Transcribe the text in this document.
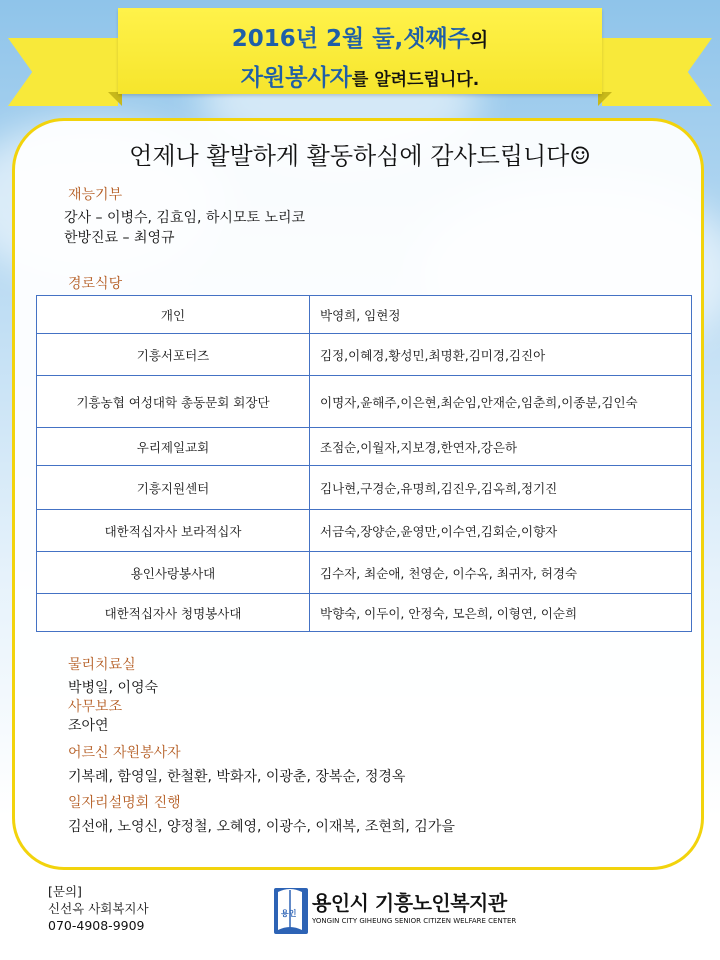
2016년 2월 둘,셋째주의
자원봉사자를 알려드립니다.
언제나 활발하게 활동하심에 감사드립니다☺
재능기부
강사 – 이병수, 김효임, 하시모토 노리코
한방진료 – 최영규
경로식당
개인	박영희, 임현정
기흥서포터즈	김정,이혜경,황성민,최명환,김미경,김진아
기흥농협 여성대학 총동문회 회장단	이명자,윤해주,이은현,최순임,안재순,임춘희,이종분,김인숙
우리제일교회	조점순,이월자,지보경,한연자,강은하
기흥지원센터	김나현,구경순,유명희,김진우,김옥희,정기진
대한적십자사 보라적십자	서금숙,장양순,윤영만,이수연,김회순,이향자
용인사랑봉사대	김수자, 최순애, 천영순, 이수옥, 최귀자, 허경숙
대한적십자사 청명봉사대	박향숙, 이두이, 안정숙, 모은희, 이형연, 이순희
물리치료실
박병일, 이영숙
사무보조
조아연
어르신 자원봉사자
기복례, 함영일, 한철환, 박화자, 이광춘, 장복순, 정경옥
일자리설명회 진행
김선애, 노영신, 양정철, 오혜영, 이광수, 이재복, 조현희, 김가을
[문의]
신선옥 사회복지사
070-4908-9909
용인 용인시 기흥노인복지관
YONGIN CITY GIHEUNG SENIOR CITIZEN WELFARE CENTER
